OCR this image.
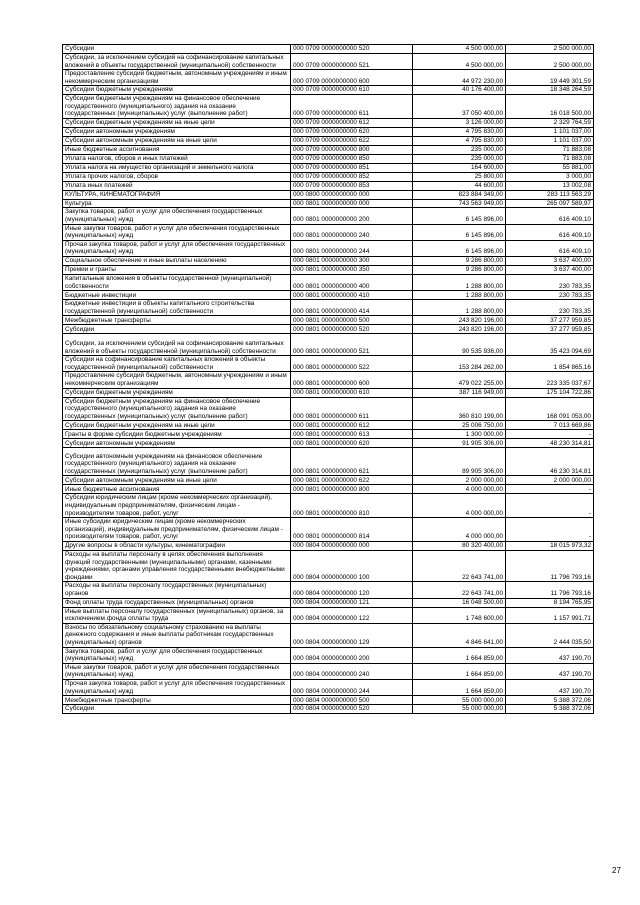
Субсидии	000 0709 0000000000 520	4 500 000,00	2 500 000,00
Субсидии, за исключением субсидий на софинансирование капитальных вложений в объекты государственной (муниципальной) собственности	000 0709 0000000000 521	4 500 000,00	2 500 000,00
Предоставление субсидий бюджетным, автономным учреждениям и иным некоммерческим организациям	000 0709 0000000000 600	44 972 230,00	19 449 301,59
Субсидии бюджетным учреждениям	000 0709 0000000000 610	40 176 400,00	18 348 264,59
Субсидии бюджетным учреждениям на финансовое обеспечение государственного (муниципального) задания на оказание государственных (муниципальных) услуг (выполнение работ)	000 0709 0000000000 611	37 050 400,00	16 018 500,00
Субсидии бюджетным учреждениям на иные цели	000 0709 0000000000 612	3 126 000,00	2 329 764,59
Субсидии автономным учреждениям	000 0709 0000000000 620	4 795 830,00	1 101 037,00
Субсидии автономным учреждениям на иные цели	000 0709 0000000000 622	4 795 830,00	1 101 037,00
Иные бюджетные ассигнования	000 0709 0000000000 800	235 000,00	71 883,08
Уплата налогов, сборов и иных платежей	000 0709 0000000000 850	235 000,00	71 883,08
Уплата налога на имущество организаций и земельного налога	000 0709 0000000000 851	164 600,00	55 881,00
Уплата прочих налогов, сборов	000 0709 0000000000 852	25 800,00	3 000,00
Уплата иных платежей	000 0709 0000000000 853	44 600,00	13 002,08
КУЛЬТУРА, КИНЕМАТОГРАФИЯ	000 0800 0000000000 000	823 884 349,00	283 113 563,29
Культура	000 0801 0000000000 000	743 563 949,00	265 097 589,97
Закупка товаров, работ и услуг для обеспечения государственных (муниципальных) нужд	000 0801 0000000000 200	6 145 896,00	616 409,10
Иные закупки товаров, работ и услуг для обеспечения государственных (муниципальных) нужд	000 0801 0000000000 240	6 145 896,00	616 409,10
Прочая закупка товаров, работ и услуг для обеспечения государственных (муниципальных) нужд	000 0801 0000000000 244	6 145 896,00	616 409,10
Социальное обеспечение и иные выплаты населению	000 0801 0000000000 300	9 286 800,00	3 637 400,00
Премии и гранты	000 0801 0000000000 350	9 286 800,00	3 637 400,00
Капитальные вложения в объекты государственной (муниципальной) собственности	000 0801 0000000000 400	1 288 800,00	230 783,35
Бюджетные инвестиции	000 0801 0000000000 410	1 288 800,00	230 783,35
Бюджетные инвестиции в объекты капитального строительства государственной (муниципальной) собственности	000 0801 0000000000 414	1 288 800,00	230 783,35
Межбюджетные трансферты	000 0801 0000000000 500	243 820 196,00	37 277 959,85
Субсидии	000 0801 0000000000 520	243 820 196,00	37 277 959,85
Субсидии, за исключением субсидий на софинансирование капитальных вложений в объекты государственной (муниципальной) собственности	000 0801 0000000000 521	90 535 936,00	35 423 094,69
Субсидии на софинансирование капитальных вложений в объекты государственной (муниципальной) собственности	000 0801 0000000000 522	153 284 262,00	1 854 865,16
Предоставление субсидий бюджетным, автономным учреждениям и иным некоммерческим организациям	000 0801 0000000000 600	479 022 255,00	223 335 037,67
Субсидии бюджетным учреждениям	000 0801 0000000000 610	387 116 949,00	175 104 722,86
Субсидии бюджетным учреждениям на финансовое обеспечение государственного (муниципального) задания на оказание государственных (муниципальных) услуг (выполнение работ)	000 0801 0000000000 611	360 810 199,00	168 091 053,00
Субсидии бюджетным учреждениям на иные цели	000 0801 0000000000 612	25 006 750,00	7 013 669,86
Гранты в форме субсидии бюджетным учреждениям	000 0801 0000000000 613	1 300 000,00	-
Субсидии автономным учреждениям	000 0801 0000000000 620	91 905 306,00	48 230 314,81
Субсидии автономным учреждениям на финансовое обеспечение государственного (муниципального) задания на оказание государственных (муниципальных) услуг (выполнение работ)	000 0801 0000000000 621	89 905 306,00	46 230 314,81
Субсидии автономным учреждениям на иные цели	000 0801 0000000000 622	2 000 000,00	2 000 000,00
Иные бюджетные ассигнования	000 0801 0000000000 800	4 000 000,00	-
Субсидии юридическим лицам (кроме некоммерческих организаций), индивидуальным предпринимателям, физическим лицам - производителям товаров, работ, услуг	000 0801 0000000000 810	4 000 000,00	-
Иные субсидии юридическим лицам (кроме некоммерческих организаций), индивидуальным предпринимателям, физическим лицам - производителям товаров, работ, услуг	000 0801 0000000000 814	4 000 000,00	-
Другие вопросы в области культуры, кинематографии	000 0804 0000000000 000	80 320 400,00	18 015 973,32
Расходы на выплаты персоналу в целях обеспечения выполнения функций государственными (муниципальными) органами, казенными учреждениями, органами управления государственными внебюджетными фондами	000 0804 0000000000 100	22 643 741,00	11 796 793,16
Расходы на выплаты персоналу государственных (муниципальных) органов	000 0804 0000000000 120	22 643 741,00	11 796 793,16
Фонд оплаты труда государственных (муниципальных) органов	000 0804 0000000000 121	16 048 500,00	8 194 765,95
Иные выплаты персоналу государственных (муниципальных) органов, за исключением фонда оплаты труда	000 0804 0000000000 122	1 748 600,00	1 157 991,71
Взносы по обязательному социальному страхованию на выплаты денежного содержания и иные выплаты работникам государственных (муниципальных) органов	000 0804 0000000000 129	4 846 641,00	2 444 035,50
Закупка товаров, работ и услуг для обеспечения государственных (муниципальных) нужд	000 0804 0000000000 200	1 664 859,00	437 190,70
Иные закупки товаров, работ и услуг для обеспечения государственных (муниципальных) нужд	000 0804 0000000000 240	1 664 859,00	437 190,70
Прочая закупка товаров, работ и услуг для обеспечения государственных (муниципальных) нужд	000 0804 0000000000 244	1 664 859,00	437 190,70
Межбюджетные трансферты	000 0804 0000000000 500	55 000 000,00	5 388 372,06
Субсидии	000 0804 0000000000 520	55 000 000,00	5 388 372,06
27
